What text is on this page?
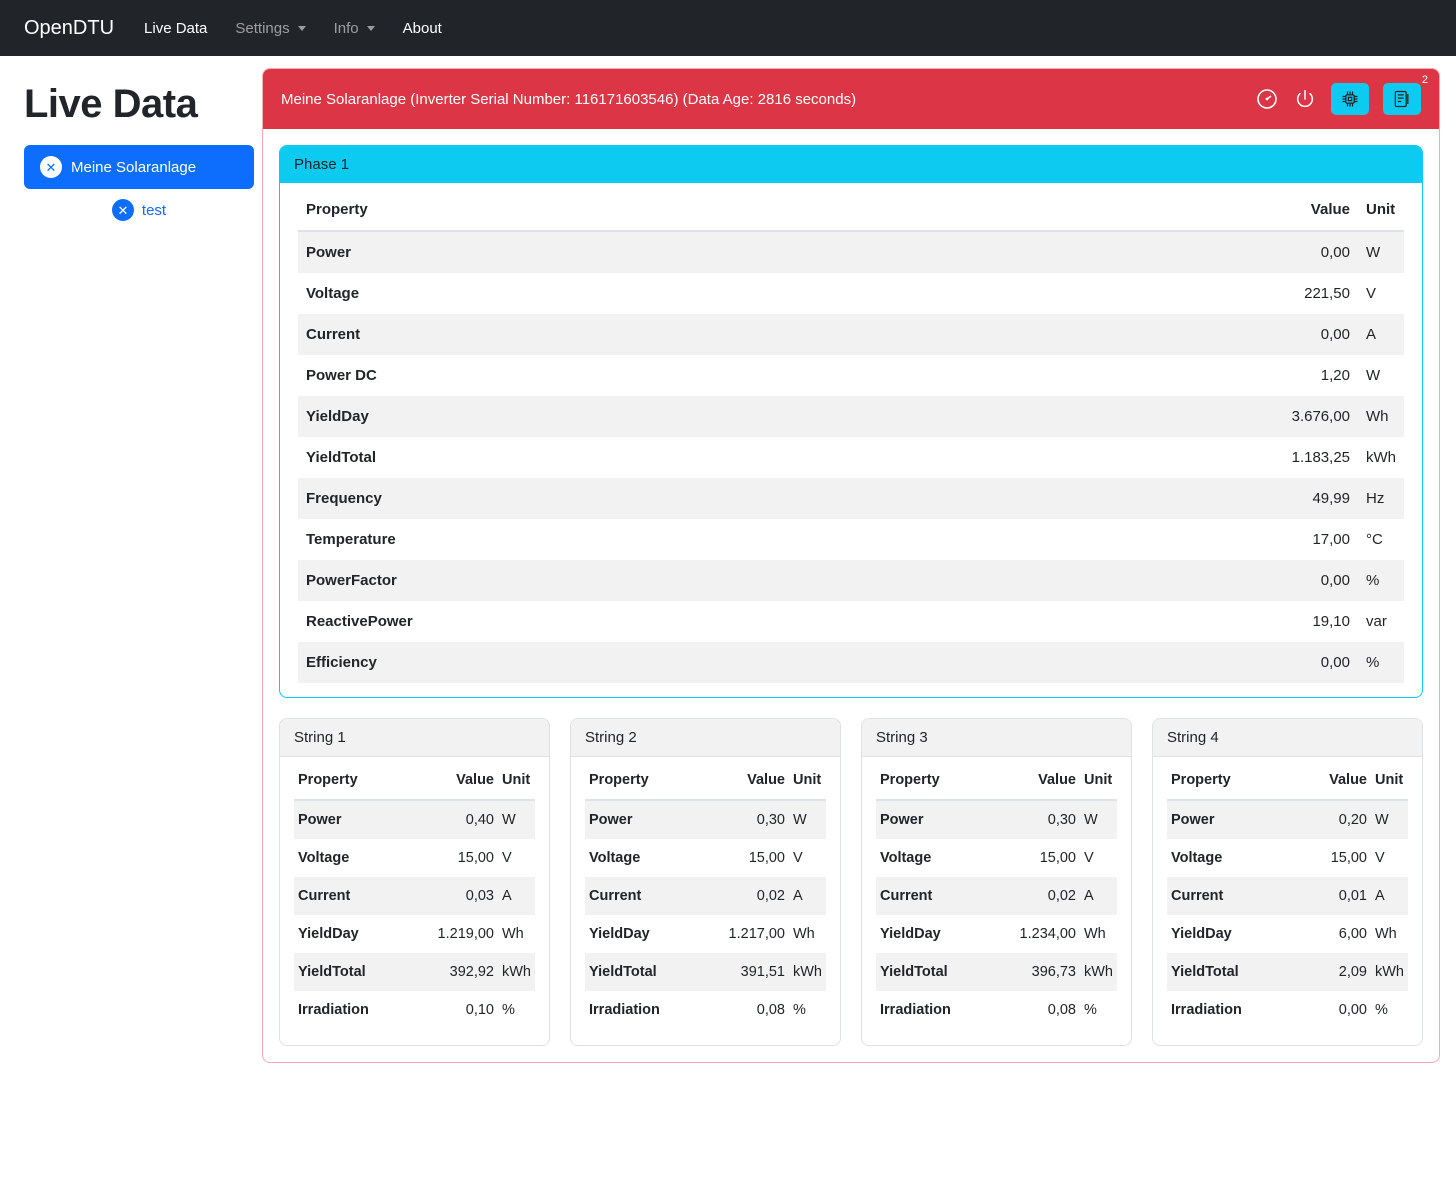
OpenDTU	Live Data Settings	Info	About
Live Data
✕ Meine Solaranlage
✕ test
Meine Solaranlage (Inverter Serial Number: 116171603546) (Data Age: 2816 seconds)
2
Phase 1
Property	Value	Unit
Power	0,00	W
Voltage	221,50	V
Current	0,00	A
Power DC	1,20	W
YieldDay	3.676,00	Wh
YieldTotal	1.183,25	kWh
Frequency	49,99	Hz
Temperature	17,00	°C
PowerFactor	0,00	%
ReactivePower	19,10	var
Efficiency	0,00	%
String 1
Property	Value	Unit
Power	0,40	W
Voltage	15,00	V
Current	0,03	A
YieldDay	1.219,00	Wh
YieldTotal	392,92	kWh
Irradiation	0,10	%
String 2
Property	Value	Unit
Power	0,30	W
Voltage	15,00	V
Current	0,02	A
YieldDay	1.217,00	Wh
YieldTotal	391,51	kWh
Irradiation	0,08	%
String 3
Property	Value	Unit
Power	0,30	W
Voltage	15,00	V
Current	0,02	A
YieldDay	1.234,00	Wh
YieldTotal	396,73	kWh
Irradiation	0,08	%
String 4
Property	Value	Unit
Power	0,20	W
Voltage	15,00	V
Current	0,01	A
YieldDay	6,00	Wh
YieldTotal	2,09	kWh
Irradiation	0,00	%
